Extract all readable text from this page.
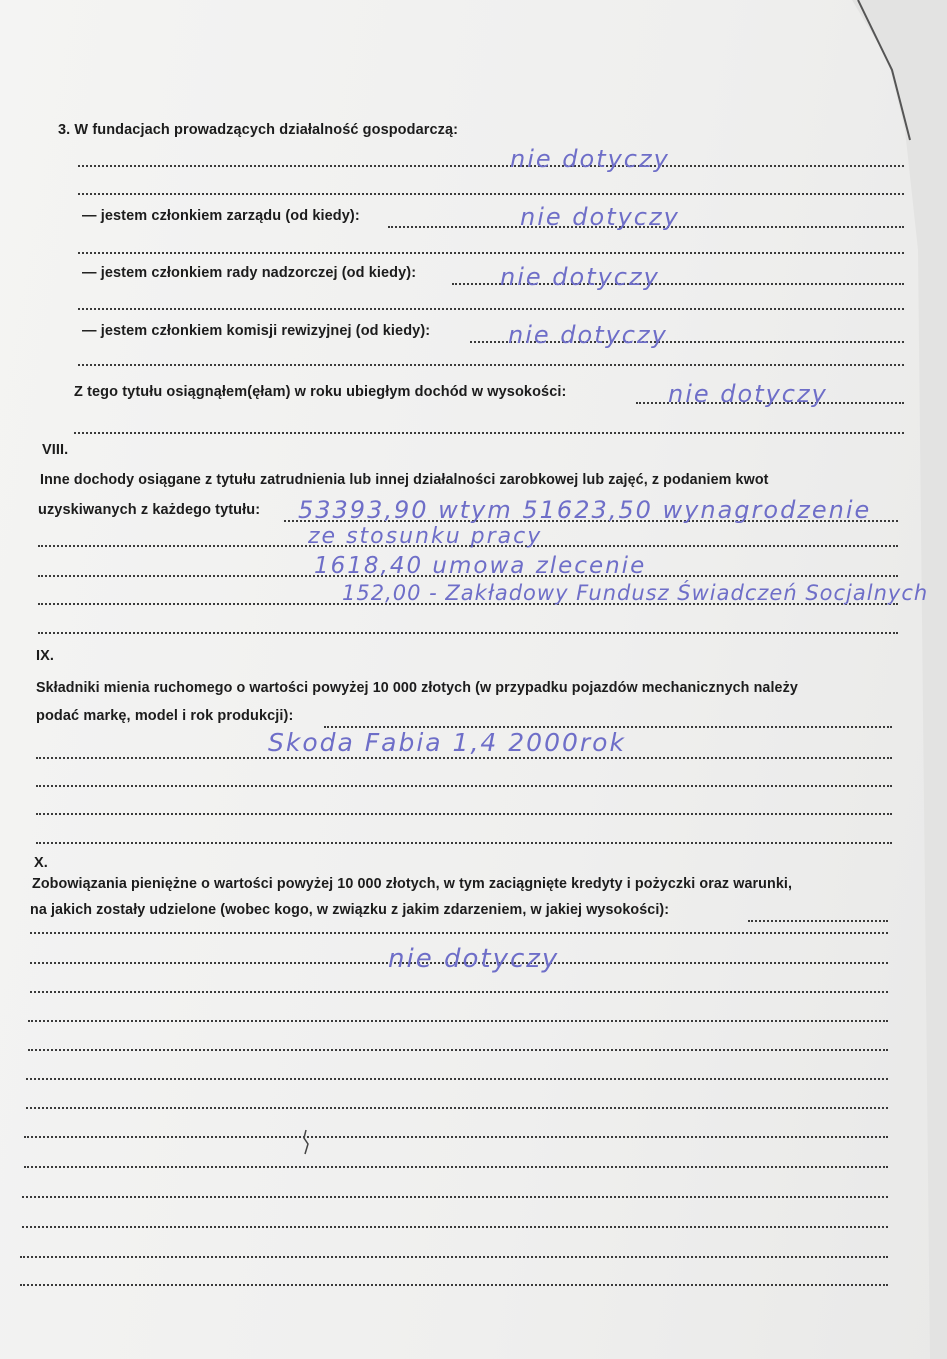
3. W fundacjach prowadzących działalność gospodarczą:
nie dotyczy
— jestem członkiem zarządu (od kiedy):	nie dotyczy
— jestem członkiem rady nadzorczej (od kiedy):	nie dotyczy
— jestem członkiem komisji rewizyjnej (od kiedy):	nie dotyczy
Z tego tytułu osiągnąłem(ęłam) w roku ubiegłym dochód w wysokości:	nie dotyczy
VIII.
Inne dochody osiągane z tytułu zatrudnienia lub innej działalności zarobkowej lub zajęć, z podaniem kwot
uzyskiwanych z każdego tytułu: 53393,90 wtym 51623,50 wynagrodzenie
ze stosunku pracy
1618,40 umowa zlecenie
152,00 - Zakładowy Fundusz Świadczeń Socjalnych
IX.
Składniki mienia ruchomego o wartości powyżej 10 000 złotych (w przypadku pojazdów mechanicznych należy
podać markę, model i rok produkcji):
Skoda Fabia 1,4 2000rok
X.
Zobowiązania pieniężne o wartości powyżej 10 000 złotych, w tym zaciągnięte kredyty i pożyczki oraz warunki,
na jakich zostały udzielone (wobec kogo, w związku z jakim zdarzeniem, w jakiej wysokości):
nie dotyczy
